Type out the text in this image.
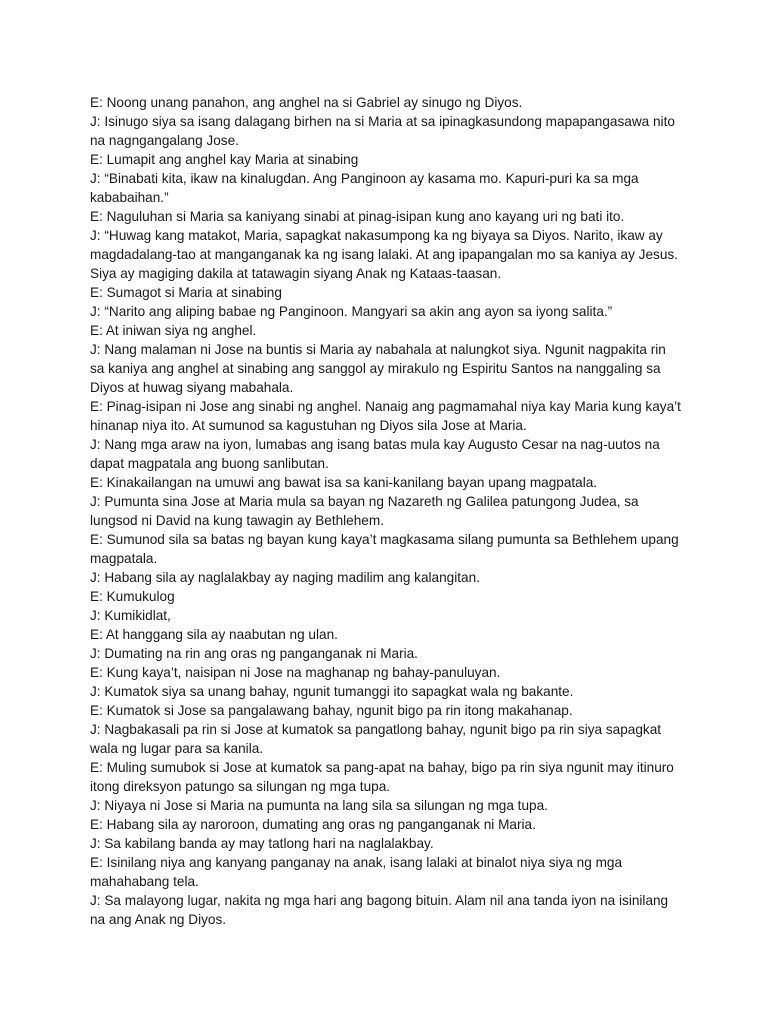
E: Noong unang panahon, ang anghel na si Gabriel ay sinugo ng Diyos.
J: Isinugo siya sa isang dalagang birhen na si Maria at sa ipinagkasundong mapapangasawa nito
na nagngangalang Jose.
E: Lumapit ang anghel kay Maria at sinabing
J: “Binabati kita, ikaw na kinalugdan. Ang Panginoon ay kasama mo. Kapuri-puri ka sa mga
kababaihan.”
E: Naguluhan si Maria sa kaniyang sinabi at pinag-isipan kung ano kayang uri ng bati ito.
J: “Huwag kang matakot, Maria, sapagkat nakasumpong ka ng biyaya sa Diyos. Narito, ikaw ay
magdadalang-tao at manganganak ka ng isang lalaki. At ang ipapangalan mo sa kaniya ay Jesus.
Siya ay magiging dakila at tatawagin siyang Anak ng Kataas-taasan.
E: Sumagot si Maria at sinabing
J: “Narito ang aliping babae ng Panginoon. Mangyari sa akin ang ayon sa iyong salita.”
E: At iniwan siya ng anghel.
J: Nang malaman ni Jose na buntis si Maria ay nabahala at nalungkot siya. Ngunit nagpakita rin
sa kaniya ang anghel at sinabing ang sanggol ay mirakulo ng Espiritu Santos na nanggaling sa
Diyos at huwag siyang mabahala.
E: Pinag-isipan ni Jose ang sinabi ng anghel. Nanaig ang pagmamahal niya kay Maria kung kaya’t
hinanap niya ito. At sumunod sa kagustuhan ng Diyos sila Jose at Maria.
J: Nang mga araw na iyon, lumabas ang isang batas mula kay Augusto Cesar na nag-uutos na
dapat magpatala ang buong sanlibutan.
E: Kinakailangan na umuwi ang bawat isa sa kani-kanilang bayan upang magpatala.
J: Pumunta sina Jose at Maria mula sa bayan ng Nazareth ng Galilea patungong Judea, sa
lungsod ni David na kung tawagin ay Bethlehem.
E: Sumunod sila sa batas ng bayan kung kaya’t magkasama silang pumunta sa Bethlehem upang
magpatala.
J: Habang sila ay naglalakbay ay naging madilim ang kalangitan.
E: Kumukulog
J: Kumikidlat,
E: At hanggang sila ay naabutan ng ulan.
J: Dumating na rin ang oras ng panganganak ni Maria.
E: Kung kaya’t, naisipan ni Jose na maghanap ng bahay-panuluyan.
J: Kumatok siya sa unang bahay, ngunit tumanggi ito sapagkat wala ng bakante.
E: Kumatok si Jose sa pangalawang bahay, ngunit bigo pa rin itong makahanap.
J: Nagbakasali pa rin si Jose at kumatok sa pangatlong bahay, ngunit bigo pa rin siya sapagkat
wala ng lugar para sa kanila.
E: Muling sumubok si Jose at kumatok sa pang-apat na bahay, bigo pa rin siya ngunit may itinuro
itong direksyon patungo sa silungan ng mga tupa.
J: Niyaya ni Jose si Maria na pumunta na lang sila sa silungan ng mga tupa.
E: Habang sila ay naroroon, dumating ang oras ng panganganak ni Maria.
J: Sa kabilang banda ay may tatlong hari na naglalakbay.
E: Isinilang niya ang kanyang panganay na anak, isang lalaki at binalot niya siya ng mga
mahahabang tela.
J: Sa malayong lugar, nakita ng mga hari ang bagong bituin. Alam nil ana tanda iyon na isinilang
na ang Anak ng Diyos.
